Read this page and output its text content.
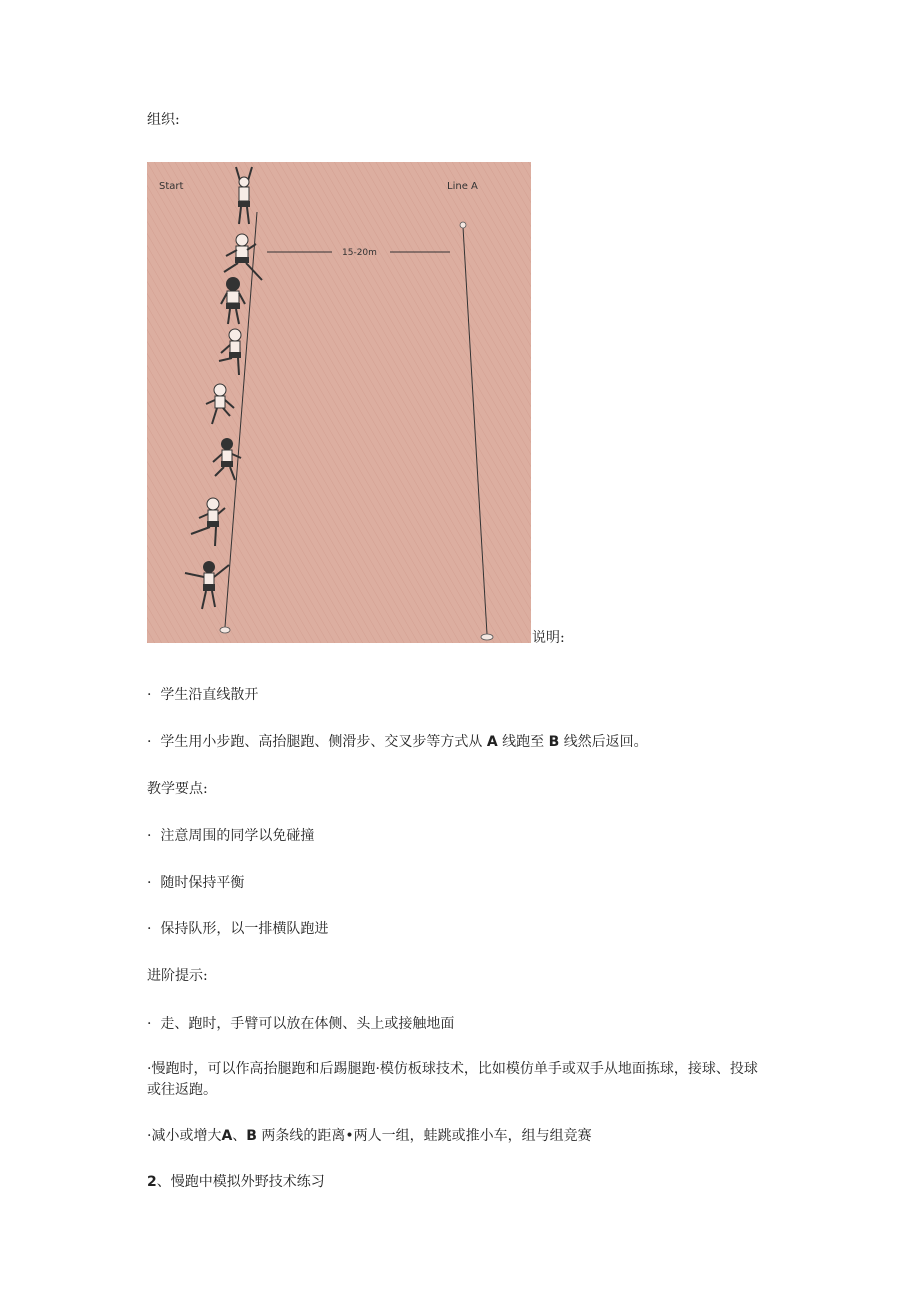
组织:
Start	Line A
15-20m
说明:
· 学生沿直线散开
· 学生用小步跑、高抬腿跑、侧滑步、交叉步等方式从 A 线跑至 B 线然后返回。
教学要点:
· 注意周围的同学以免碰撞
· 随时保持平衡
· 保持队形，以一排横队跑进
进阶提示:
· 走、跑时，手臂可以放在体侧、头上或接触地面
·慢跑时，可以作高抬腿跑和后踢腿跑·模仿板球技术，比如模仿单手或双手从地面拣球，接球、投球或往返跑。
·减小或增大A、B 两条线的距离•两人一组，蛙跳或推小车，组与组竞赛
2、慢跑中模拟外野技术练习
